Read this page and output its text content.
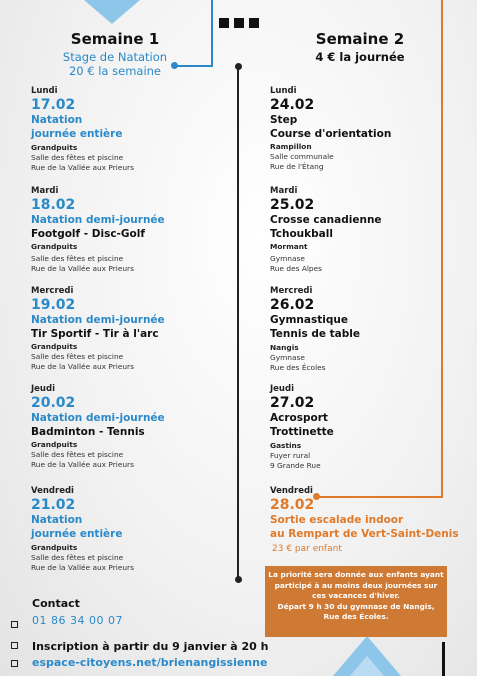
Semaine 1
Stage de Natation
20 € la semaine
Semaine 2
4 € la journée
Lundi
17.02
Natation
journée entière
Grandpuits
Salle des fêtes et piscine
Rue de la Vallée aux Prieurs
Mardi
18.02
Natation demi-journée
Footgolf - Disc-Golf
Grandpuits
Salle des fêtes et piscine
Rue de la Vallée aux Prieurs
Mercredi
19.02
Natation demi-journée
Tir Sportif - Tir à l'arc
Grandpuits
Salle des fêtes et piscine
Rue de la Vallée aux Prieurs
Jeudi
20.02
Natation demi-journée
Badminton - Tennis
Grandpuits
Salle des fêtes et piscine
Rue de la Vallée aux Prieurs
Vendredi
21.02
Natation
journée entière
Grandpuits
Salle des fêtes et piscine
Rue de la Vallée aux Prieurs
Lundi
24.02
Step
Course d'orientation
Rampillon
Salle communale
Rue de l'Étang
Mardi
25.02
Crosse canadienne
Tchoukball
Mormant
Gymnase
Rue des Alpes
Mercredi
26.02
Gymnastique
Tennis de table
Nangis
Gymnase
Rue des Écoles
Jeudi
27.02
Acrosport
Trottinette
Gastins
Fuyer rural
9 Grande Rue
Vendredi
28.02
Sortie escalade indoor
au Rempart de Vert-Saint-Denis
23 € par enfant
La priorité sera donnée aux enfants ayant
participé à au moins deux journées sur
ces vacances d'hiver.
Départ 9 h 30 du gymnase de Nangis,
Rue des Écoles.
Contact
01 86 34 00 07
Inscription à partir du 9 janvier à 20 h
espace-citoyens.net/brienangissienne
